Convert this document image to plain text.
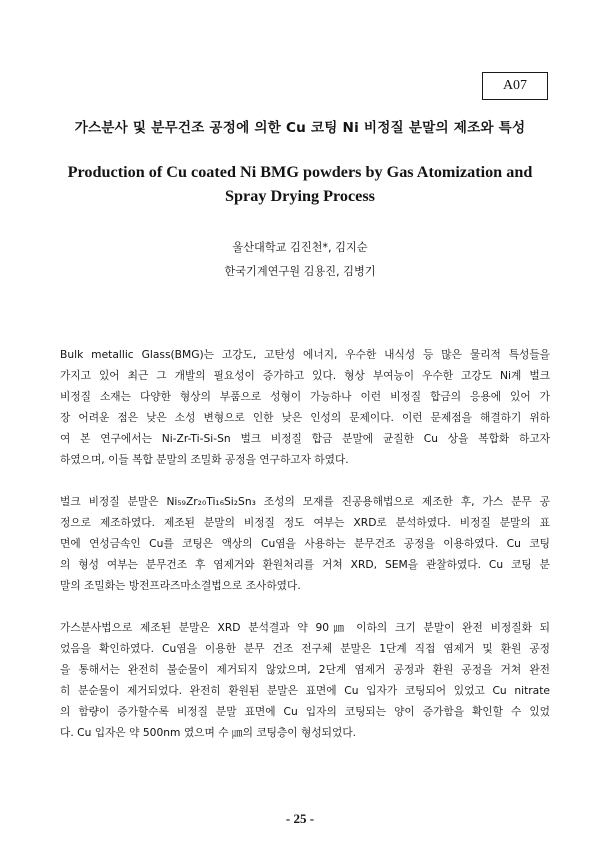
A07
가스분사 및 분무건조 공정에 의한 Cu 코팅 Ni 비정질 분말의 제조와 특성
Production of Cu coated Ni BMG powders by Gas Atomization and
Spray Drying Process
울산대학교 김진천*, 김지순
한국기계연구원 김용진, 김병기
Bulk metallic Glass(BMG)는 고강도, 고탄성 에너지, 우수한 내식성 등 많은 물리적 특성들을
가지고 있어 최근 그 개발의 필요성이 증가하고 있다. 형상 부여능이 우수한 고강도 Ni계 벌크
비정질 소재는 다양한 형상의 부품으로 성형이 가능하나 이런 비정질 합금의 응용에 있어 가
장 어려운 점은 낮은 소성 변형으로 인한 낮은 인성의 문제이다. 이런 문제점을 해결하기 위하
여 본 연구에서는 Ni-Zr-Ti-Si-Sn 벌크 비정질 합금 분말에 균질한 Cu 상을 복합화 하고자
하였으며, 이들 복합 분말의 조밀화 공정을 연구하고자 하였다.
벌크 비정질 분말은 Ni₅₉Zr₂₀Ti₁₆Si₂Sn₃ 조성의 모재를 진공용해법으로 제조한 후, 가스 분무 공
정으로 제조하였다. 제조된 분말의 비정질 정도 여부는 XRD로 분석하였다. 비정질 분말의 표
면에 연성금속인 Cu를 코팅은 액상의 Cu염을 사용하는 분무건조 공정을 이용하였다. Cu 코팅
의 형성 여부는 분무건조 후 염제거와 환원처리를 거쳐 XRD, SEM을 관찰하였다. Cu 코팅 분
말의 조밀화는 방전프라즈마소결법으로 조사하였다.
가스분사법으로 제조된 분말은 XRD 분석결과 약 90㎛ 이하의 크기 분말이 완전 비정질화 되
었음을 확인하였다. Cu염을 이용한 분무 건조 전구체 분말은 1단계 직접 염제거 및 환원 공정
을 통해서는 완전히 불순물이 제거되지 않았으며, 2단계 염제거 공정과 환원 공정을 거쳐 완전
히 분순물이 제거되었다. 완전히 환원된 분말은 표면에 Cu 입자가 코팅되어 있었고 Cu nitrate
의 함량이 증가할수록 비정질 분말 표면에 Cu 입자의 코팅되는 양이 증가함을 확인할 수 있었
다. Cu 입자은 약 500nm 였으며 수 ㎛의 코팅층이 형성되었다.
- 25 -
